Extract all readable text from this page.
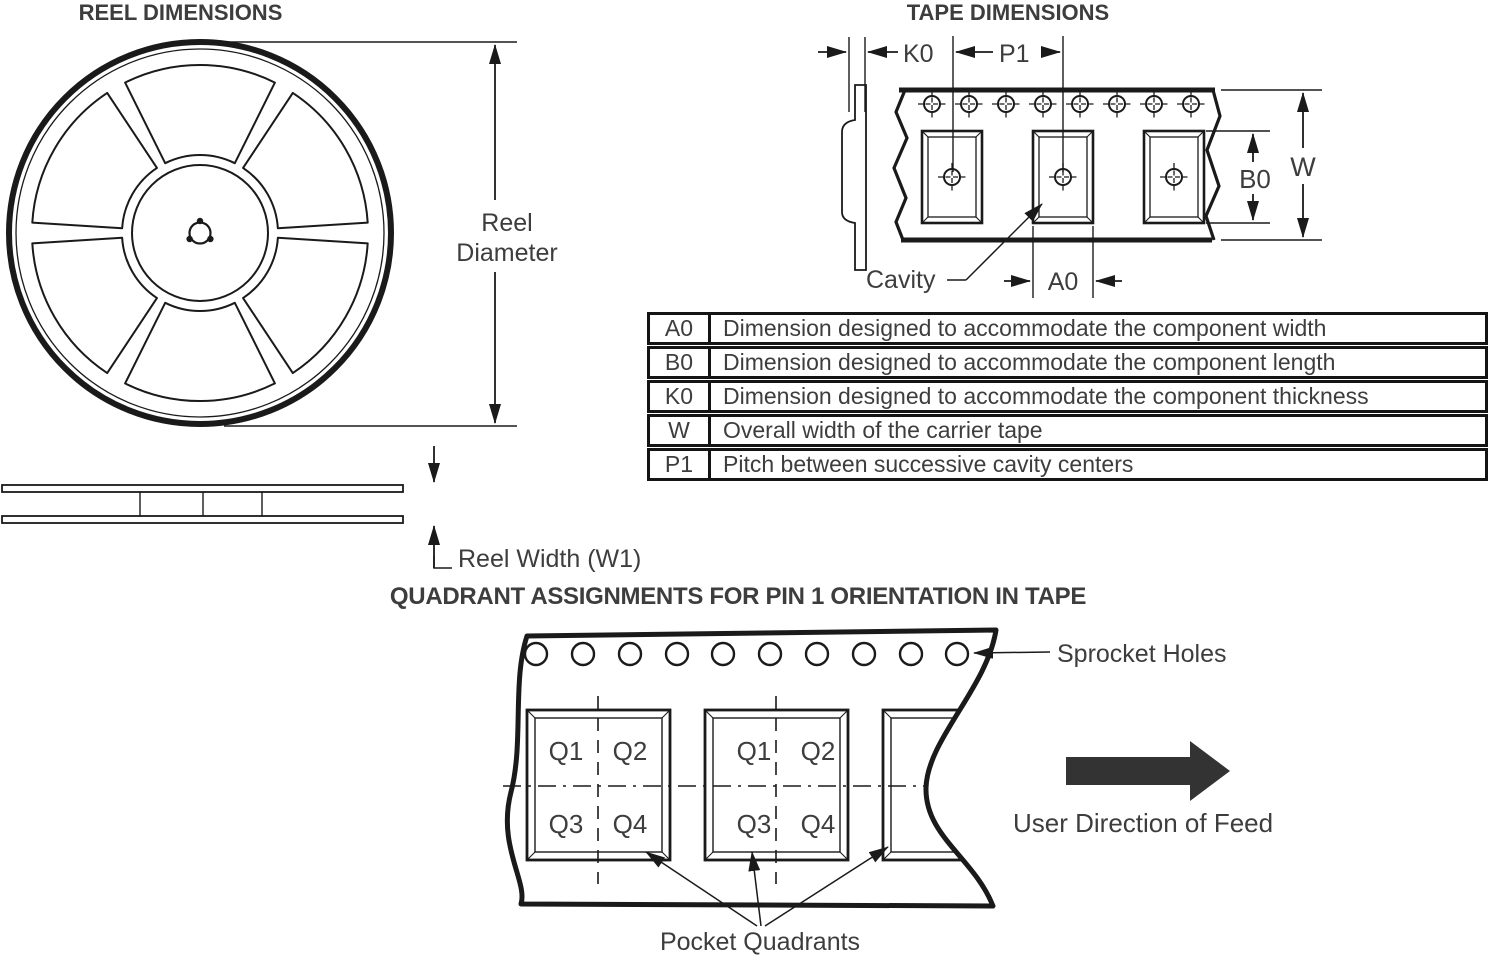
Reel
Diameter
Reel Width (W1)
K0	P1
B0 W
Cavity	A0
Q1 Q2
Q3 Q4
Q1 Q2
Q3 Q4
Sprocket Holes
Pocket Quadrants
User Direction of Feed
REEL DIMENSIONS	TAPE DIMENSIONS
QUADRANT ASSIGNMENTS FOR PIN 1 ORIENTATION IN TAPE
A0	Dimension designed to accommodate the component width
B0	Dimension designed to accommodate the component length
K0	Dimension designed to accommodate the component thickness
W	Overall width of the carrier tape
P1	Pitch between successive cavity centers
